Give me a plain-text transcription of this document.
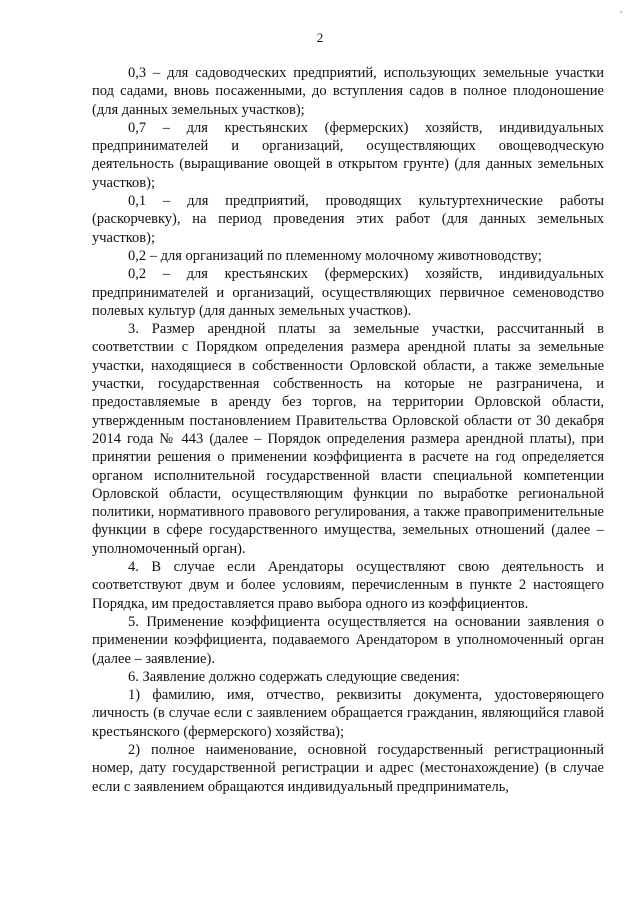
2
'

0,3 – для садоводческих предприятий, использующих земельные участки под садами, вновь посаженными, до вступления садов в полное плодоношение (для данных земельных участков);

0,7 – для крестьянских (фермерских) хозяйств, индивидуальных предпринимателей и организаций, осуществляющих овощеводческую деятельность (выращивание овощей в открытом грунте) (для данных земельных участков);

0,1 – для предприятий, проводящих культуртехнические работы (раскорчевку), на период проведения этих работ (для данных земельных участков);

0,2 – для организаций по племенному молочному животноводству;

0,2 – для крестьянских (фермерских) хозяйств, индивидуальных предпринимателей и организаций, осуществляющих первичное семеноводство полевых культур (для данных земельных участков).

3. Размер арендной платы за земельные участки, рассчитанный в соответствии с Порядком определения размера арендной платы за земельные участки, находящиеся в собственности Орловской области, а также земельные участки, государственная собственность на которые не разграничена, и предоставляемые в аренду без торгов, на территории Орловской области, утвержденным постановлением Правительства Орловской области от 30 декабря 2014 года № 443 (далее – Порядок определения размера арендной платы), при принятии решения о применении коэффициента в расчете на год определяется органом исполнительной государственной власти специальной компетенции Орловской области, осуществляющим функции по выработке региональной политики, нормативного правового регулирования, а также правоприменительные функции в сфере государственного имущества, земельных отношений (далее – уполномоченный орган).

4. В случае если Арендаторы осуществляют свою деятельность и соответствуют двум и более условиям, перечисленным в пункте 2 настоящего Порядка, им предоставляется право выбора одного из коэффициентов.

5. Применение коэффициента осуществляется на основании заявления о применении коэффициента, подаваемого Арендатором в уполномоченный орган (далее – заявление).

6. Заявление должно содержать следующие сведения:

1) фамилию, имя, отчество, реквизиты документа, удостоверяющего личность (в случае если с заявлением обращается гражданин, являющийся главой крестьянского (фермерского) хозяйства);

2) полное наименование, основной государственный регистрационный номер, дату государственной регистрации и адрес (местонахождение) (в случае если с заявлением обращаются индивидуальный предприниматель,
